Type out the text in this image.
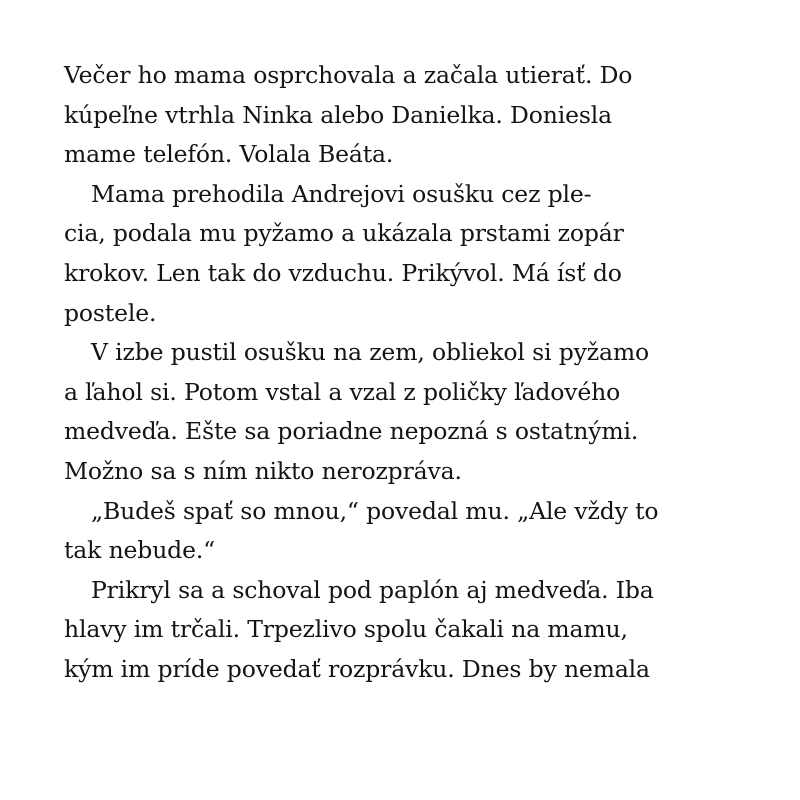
Večer ho mama osprchovala a začala utierať. Do
kúpeľne vtrhla Ninka alebo Danielka. Doniesla
mame telefón. Volala Beáta.
Mama prehodila Andrejovi osušku cez ple-
cia, podala mu pyžamo a ukázala prstami zopár
krokov. Len tak do vzduchu. Prikývol. Má ísť do
postele.
V izbe pustil osušku na zem, obliekol si pyžamo
a ľahol si. Potom vstal a vzal z poličky ľadového
medveďa. Ešte sa poriadne nepozná s ostatnými.
Možno sa s ním nikto nerozpráva.
„Budeš spať so mnou,“ povedal mu. „Ale vždy to
tak nebude.“
Prikryl sa a schoval pod paplón aj medveďa. Iba
hlavy im trčali. Trpezlivo spolu čakali na mamu,
kým im príde povedať rozprávku. Dnes by nemala
